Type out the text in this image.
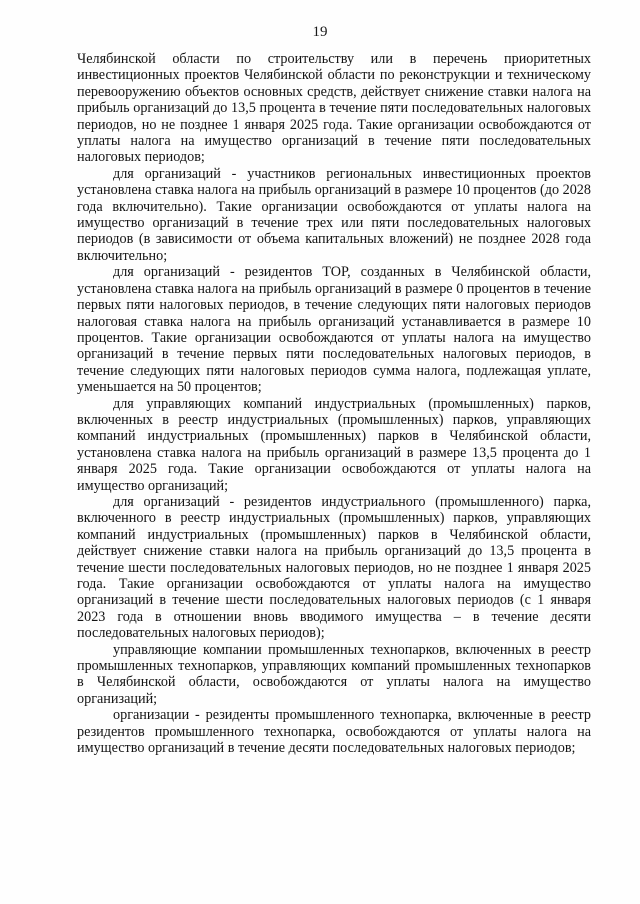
19

Челябинской области по строительству или в перечень приоритетных инвестиционных проектов Челябинской области по реконструкции и техническому перевооружению объектов основных средств, действует снижение ставки налога на прибыль организаций до 13,5 процента в течение пяти последовательных налоговых периодов, но не позднее 1 января 2025 года. Такие организации освобождаются от уплаты налога на имущество организаций в течение пяти последовательных налоговых периодов;

для организаций - участников региональных инвестиционных проектов установлена ставка налога на прибыль организаций в размере 10 процентов (до 2028 года включительно). Такие организации освобождаются от уплаты налога на имущество организаций в течение трех или пяти последовательных налоговых периодов (в зависимости от объема капитальных вложений) не позднее 2028 года включительно;

для организаций - резидентов ТОР, созданных в Челябинской области, установлена ставка налога на прибыль организаций в размере 0 процентов в течение первых пяти налоговых периодов, в течение следующих пяти налоговых периодов налоговая ставка налога на прибыль организаций устанавливается в размере 10 процентов. Такие организации освобождаются от уплаты налога на имущество организаций в течение первых пяти последовательных налоговых периодов, в течение следующих пяти налоговых периодов сумма налога, подлежащая уплате, уменьшается на 50 процентов;

для управляющих компаний индустриальных (промышленных) парков, включенных в реестр индустриальных (промышленных) парков, управляющих компаний индустриальных (промышленных) парков в Челябинской области, установлена ставка налога на прибыль организаций в размере 13,5 процента до 1 января 2025 года. Такие организации освобождаются от уплаты налога на имущество организаций;

для организаций - резидентов индустриального (промышленного) парка, включенного в реестр индустриальных (промышленных) парков, управляющих компаний индустриальных (промышленных) парков в Челябинской области, действует снижение ставки налога на прибыль организаций до 13,5 процента в течение шести последовательных налоговых периодов, но не позднее 1 января 2025 года. Такие организации освобождаются от уплаты налога на имущество организаций в течение шести последовательных налоговых периодов (с 1 января 2023 года в отношении вновь вводимого имущества – в течение десяти последовательных налоговых периодов);

управляющие компании промышленных технопарков, включенных в реестр промышленных технопарков, управляющих компаний промышленных технопарков в Челябинской области, освобождаются от уплаты налога на имущество организаций;

организации - резиденты промышленного технопарка, включенные в реестр резидентов промышленного технопарка, освобождаются от уплаты налога на имущество организаций в течение десяти последовательных налоговых периодов;
